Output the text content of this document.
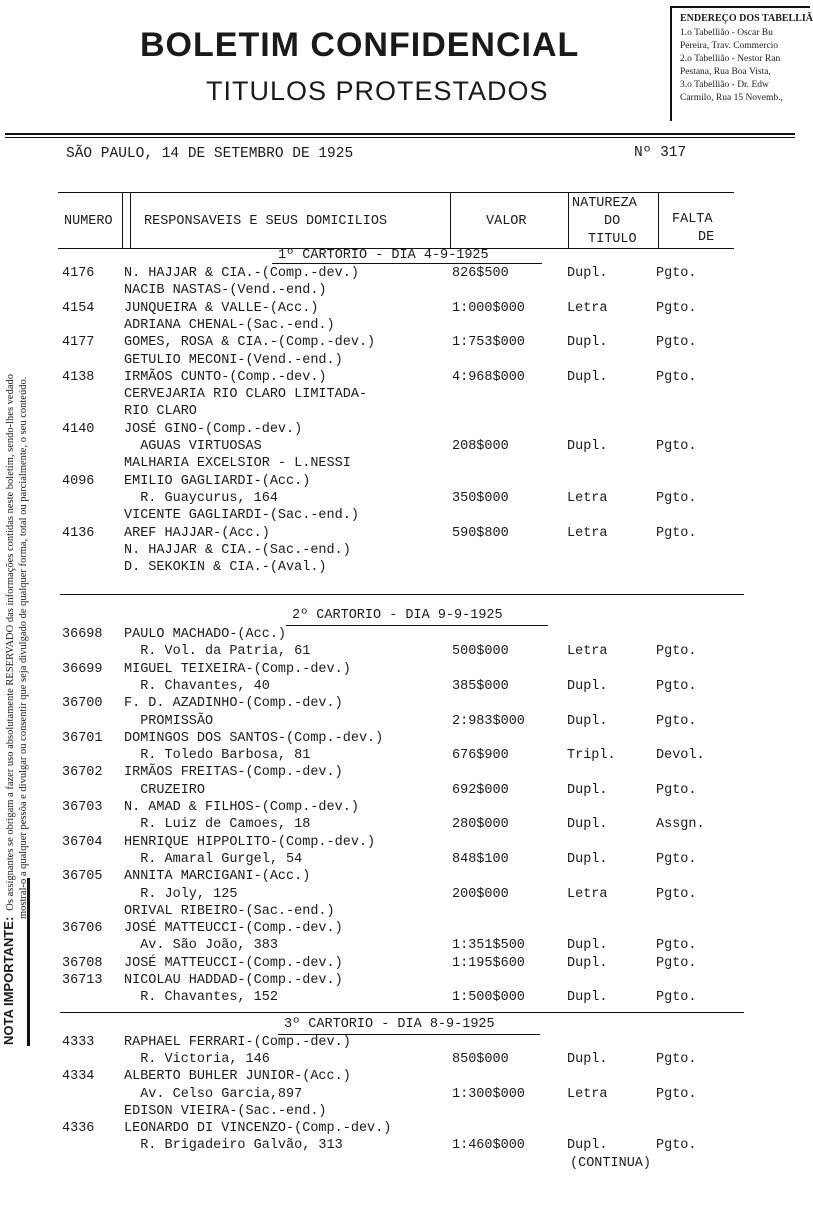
BOLETIM CONFIDENCIAL
TITULOS PROTESTADOS
ENDEREÇO DOS TABELLIÃ
1.o Tabellião - Oscar Bu
Pereira, Trav. Commercio
2.o Tabellião - Nestor Ran
Pestana, Rua Boa Vista,
3.o Tabellião - Dr. Edw
Carmilo, Rua 15 Novemb.,
SÃO PAULO, 14 DE SETEMBRO DE 1925	Nº 317
NUMERO RESPONSAVEIS E SEUS DOMICILIOS	VALOR
NATUREZA
DO
TITULO
FALTA
DE
1º CARTORIO - DIA 4-9-1925
4176 N. HAJJAR & CIA.-(Comp.-dev.)	826$500	Dupl.	Pgto.
NACIB NASTAS-(Vend.-end.)
4154 JUNQUEIRA & VALLE-(Acc.)	1:000$000	Letra	Pgto.
ADRIANA CHENAL-(Sac.-end.)
4177 GOMES, ROSA & CIA.-(Comp.-dev.)	1:753$000	Dupl.	Pgto.
GETULIO MECONI-(Vend.-end.)
4138 IRMÃOS CUNTO-(Comp.-dev.)	4:968$000	Dupl.	Pgto.
CERVEJARIA RIO CLARO LIMITADA-
RIO CLARO
4140 JOSÉ GINO-(Comp.-dev.)
AGUAS VIRTUOSAS	208$000	Dupl.	Pgto.
MALHARIA EXCELSIOR - L.NESSI
4096 EMILIO GAGLIARDI-(Acc.)
R. Guaycurus, 164	350$000	Letra	Pgto.
VICENTE GAGLIARDI-(Sac.-end.)
4136 AREF HAJJAR-(Acc.)	590$800	Letra	Pgto.
N. HAJJAR & CIA.-(Sac.-end.)
D. SEKOKIN & CIA.-(Aval.)
2º CARTORIO - DIA 9-9-1925
36698 PAULO MACHADO-(Acc.)
R. Vol. da Patria, 61	500$000	Letra	Pgto.
36699 MIGUEL TEIXEIRA-(Comp.-dev.)
R. Chavantes, 40	385$000	Dupl.	Pgto.
36700 F. D. AZADINHO-(Comp.-dev.)
PROMISSÃO	2:983$000	Dupl.	Pgto.
36701 DOMINGOS DOS SANTOS-(Comp.-dev.)
R. Toledo Barbosa, 81	676$900	Tripl.	Devol.
36702 IRMÃOS FREITAS-(Comp.-dev.)
CRUZEIRO	692$000	Dupl.	Pgto.
36703 N. AMAD & FILHOS-(Comp.-dev.)
R. Luiz de Camoes, 18	280$000	Dupl.	Assgn.
36704 HENRIQUE HIPPOLITO-(Comp.-dev.)
R. Amaral Gurgel, 54	848$100	Dupl.	Pgto.
36705 ANNITA MARCIGANI-(Acc.)
R. Joly, 125	200$000	Letra	Pgto.
ORIVAL RIBEIRO-(Sac.-end.)
36706 JOSÉ MATTEUCCI-(Comp.-dev.)
Av. São João, 383	1:351$500	Dupl.	Pgto.
36708 JOSÉ MATTEUCCI-(Comp.-dev.)	1:195$600	Dupl.	Pgto.
36713 NICOLAU HADDAD-(Comp.-dev.)
R. Chavantes, 152	1:500$000	Dupl.	Pgto.
3º CARTORIO - DIA 8-9-1925
4333 RAPHAEL FERRARI-(Comp.-dev.)
R. Victoria, 146	850$000	Dupl.	Pgto.
4334 ALBERTO BUHLER JUNIOR-(Acc.)
Av. Celso Garcia,897	1:300$000	Letra	Pgto.
EDISON VIEIRA-(Sac.-end.)
4336 LEONARDO DI VINCENZO-(Comp.-dev.)
R. Brigadeiro Galvão, 313	1:460$000	Dupl.	Pgto.
(CONTINUA)
NOTA IMPORTANTE:Os assignantes se obrigam a fazer uso absolutamente RESERVADO das informações contidas neste boletim, sendo-lhes vedado mostral-o a qualquer pessôa e divulgar ou consentir que seja divulgado de qualquer forma, total ou parcialmente, o seu conteúdo.
